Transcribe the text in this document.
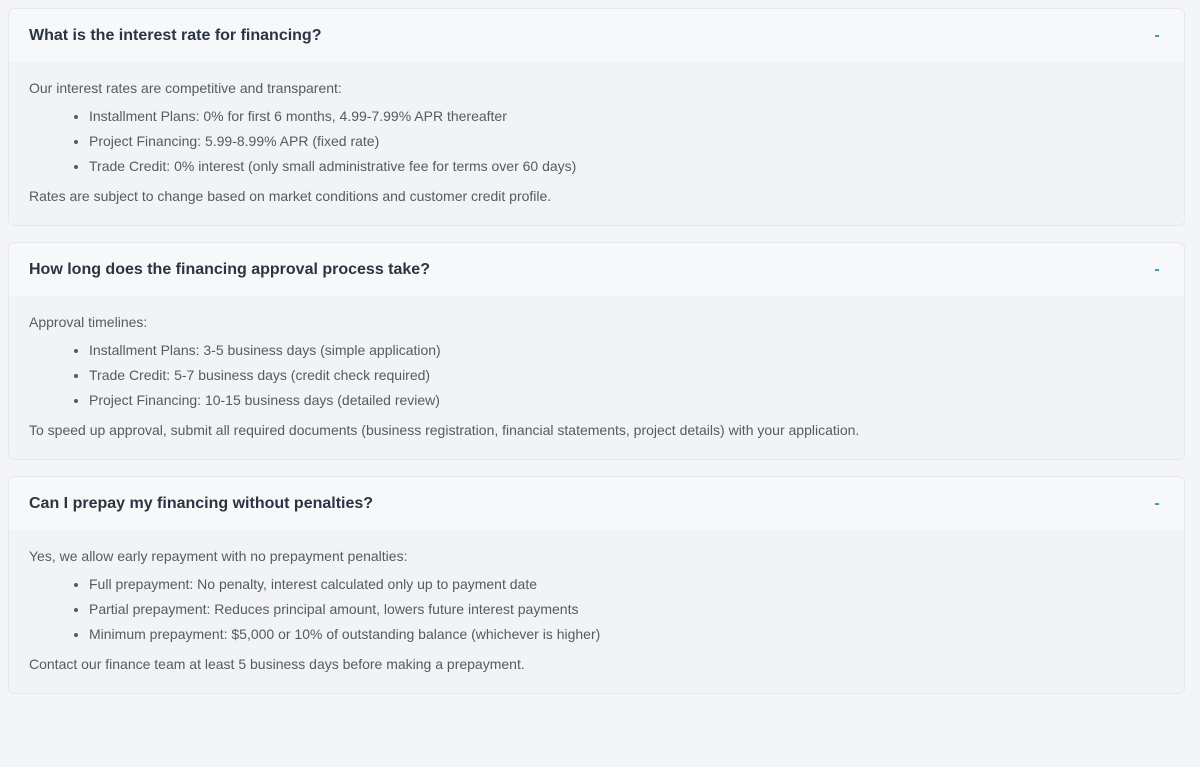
What is the interest rate for financing?	-

Our interest rates are competitive and transparent:

• Installment Plans: 0% for first 6 months, 4.99-7.99% APR thereafter
• Project Financing: 5.99-8.99% APR (fixed rate)
• Trade Credit: 0% interest (only small administrative fee for terms over 60 days)

Rates are subject to change based on market conditions and customer credit profile.

How long does the financing approval process take?	-

Approval timelines:

• Installment Plans: 3-5 business days (simple application)
• Trade Credit: 5-7 business days (credit check required)
• Project Financing: 10-15 business days (detailed review)

To speed up approval, submit all required documents (business registration, financial statements, project details) with your application.

Can I prepay my financing without penalties?	-

Yes, we allow early repayment with no prepayment penalties:

• Full prepayment: No penalty, interest calculated only up to payment date
• Partial prepayment: Reduces principal amount, lowers future interest payments
• Minimum prepayment: $5,000 or 10% of outstanding balance (whichever is higher)

Contact our finance team at least 5 business days before making a prepayment.
